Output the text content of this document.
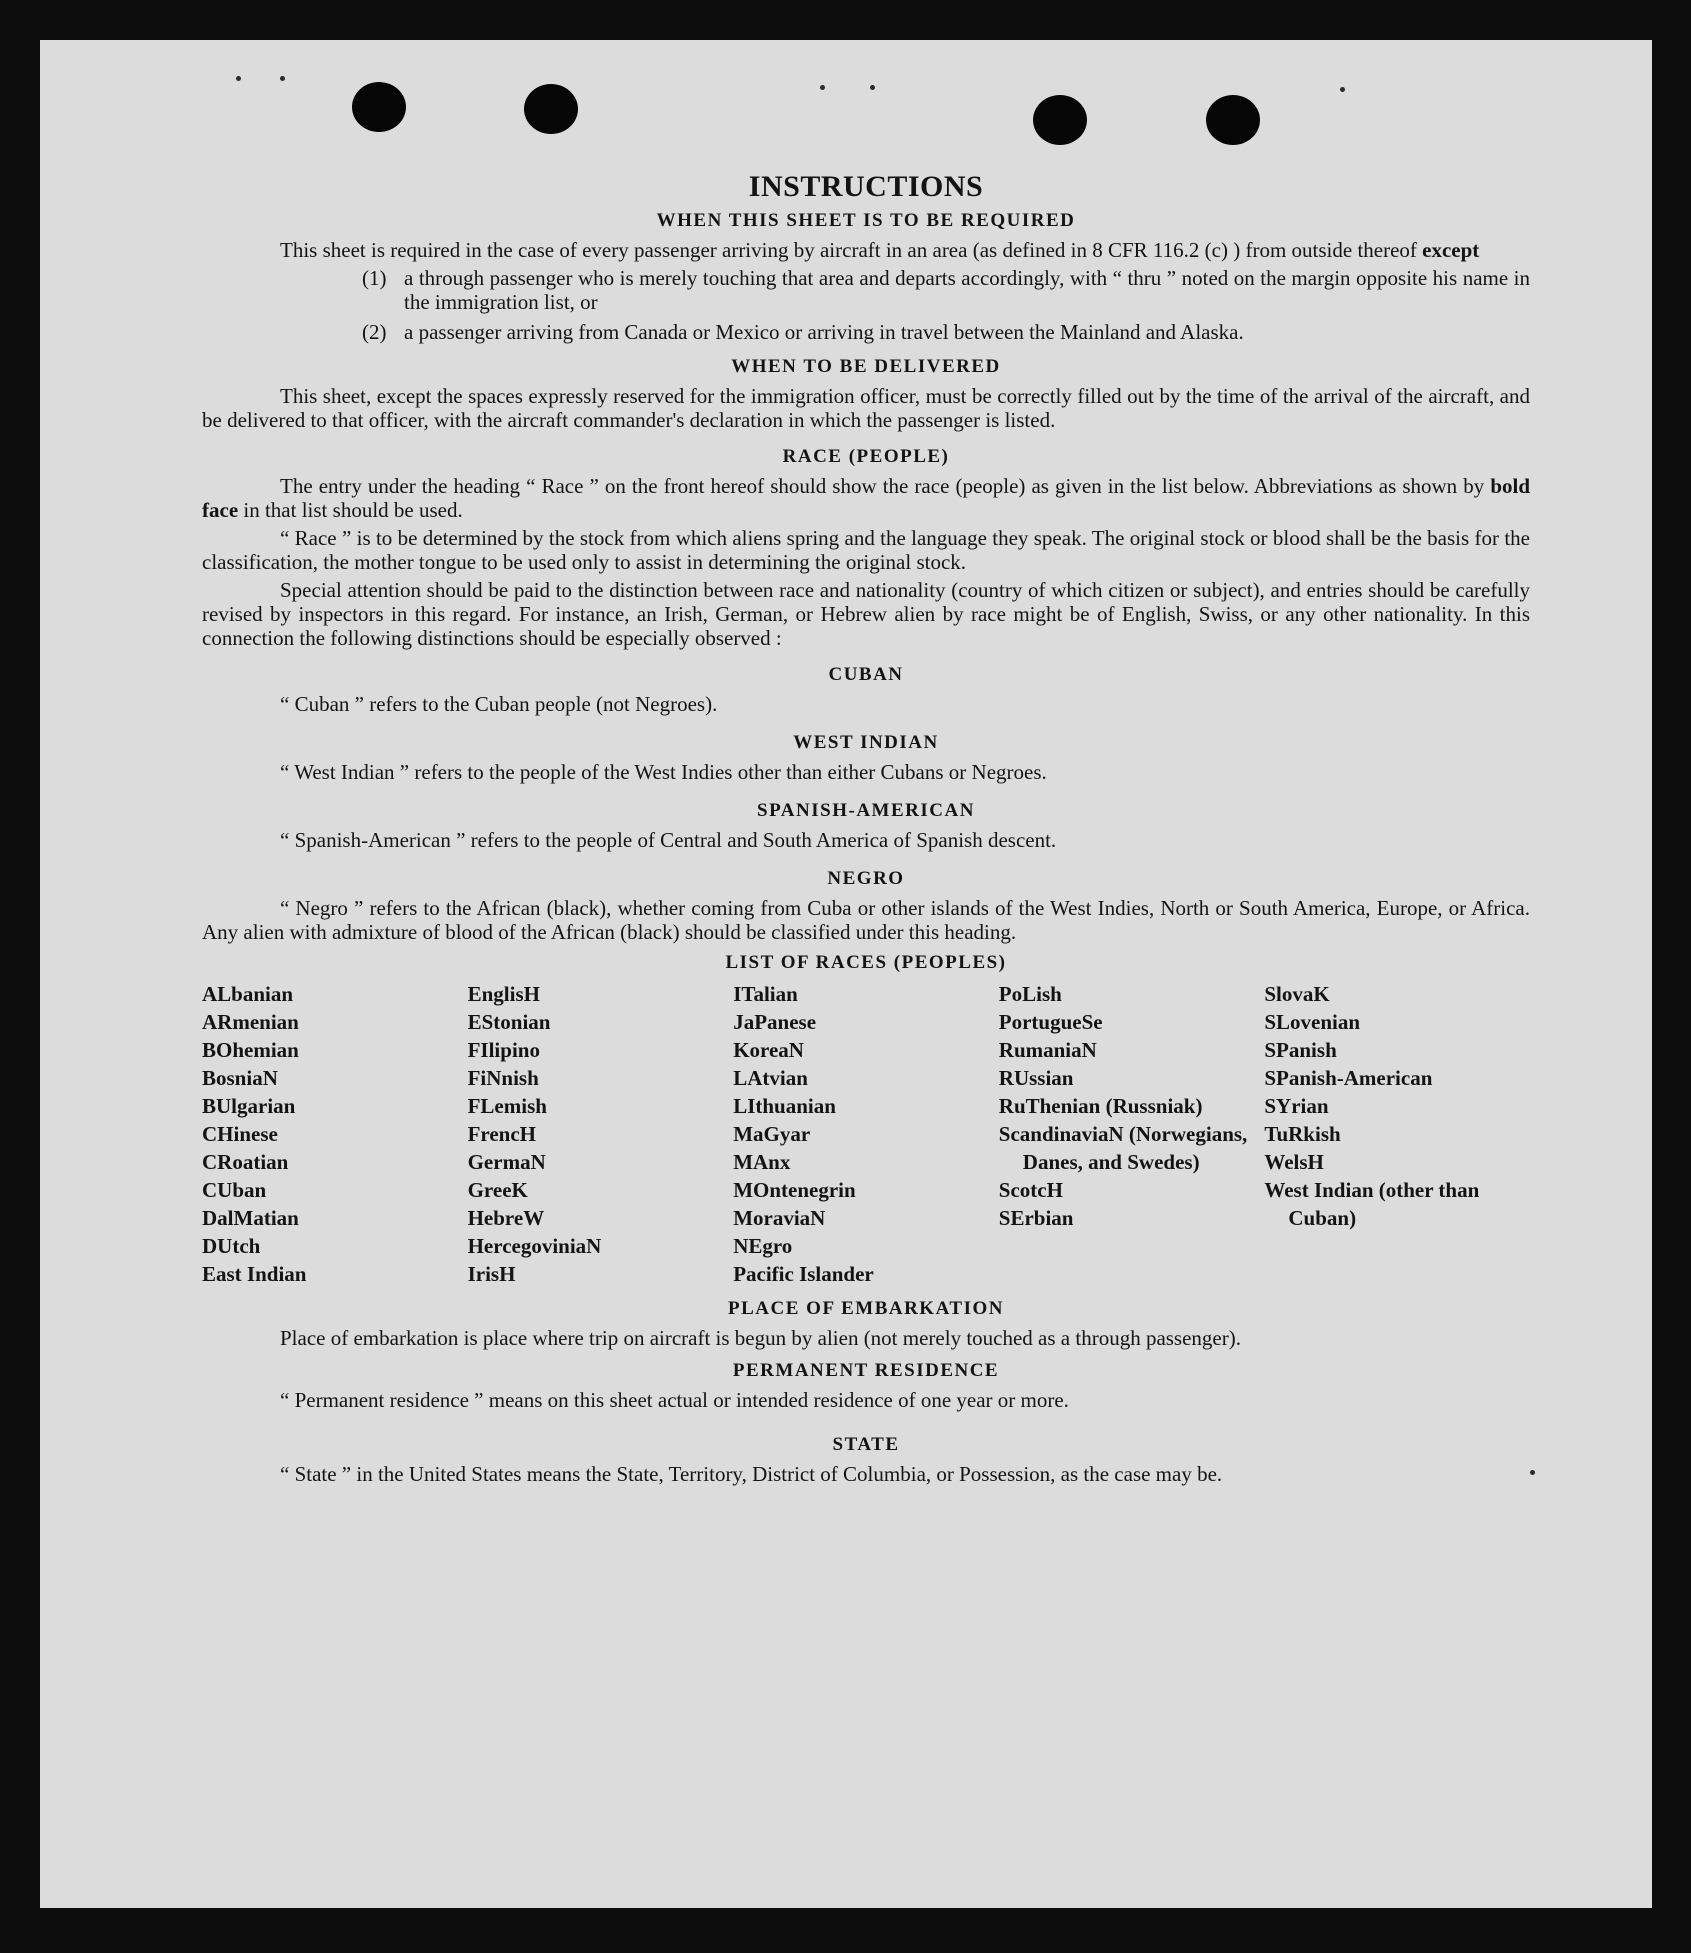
INSTRUCTIONS
WHEN THIS SHEET IS TO BE REQUIRED
This sheet is required in the case of every passenger arriving by aircraft in an area (as defined in 8 CFR 116.2 (c) ) from outside thereof except
(1) a through passenger who is merely touching that area and departs accordingly, with “ thru ” noted on the margin opposite his name in the immigration list, or
(2) a passenger arriving from Canada or Mexico or arriving in travel between the Mainland and Alaska.
WHEN TO BE DELIVERED
This sheet, except the spaces expressly reserved for the immigration officer, must be correctly filled out by the time of the arrival of the aircraft, and be delivered to that officer, with the aircraft commander's declaration in which the passenger is listed.
RACE (PEOPLE)
The entry under the heading “ Race ” on the front hereof should show the race (people) as given in the list below. Abbreviations as shown by bold face in that list should be used.
“ Race ” is to be determined by the stock from which aliens spring and the language they speak. The original stock or blood shall be the basis for the classification, the mother tongue to be used only to assist in determining the original stock.
Special attention should be paid to the distinction between race and nationality (country of which citizen or subject), and entries should be carefully revised by inspectors in this regard. For instance, an Irish, German, or Hebrew alien by race might be of English, Swiss, or any other nationality. In this connection the following distinctions should be especially observed :
CUBAN
“ Cuban ” refers to the Cuban people (not Negroes).
WEST INDIAN
“ West Indian ” refers to the people of the West Indies other than either Cubans or Negroes.
SPANISH-AMERICAN
“ Spanish-American ” refers to the people of Central and South America of Spanish descent.
NEGRO
“ Negro ” refers to the African (black), whether coming from Cuba or other islands of the West Indies, North or South America, Europe, or Africa. Any alien with admixture of blood of the African (black) should be classified under this heading.
LIST OF RACES (PEOPLES)
ALbanian
ARmenian
BOhemian
BosniaN
BUlgarian
CHinese
CRoatian
CUban
DalMatian
DUtch
East Indian
EnglisH
EStonian
FIlipino
FiNnish
FLemish
FrencH
GermaN
GreeK
HebreW
HercegoviniaN
IrisH
ITalian
JaPanese
KoreaN
LAtvian
LIthuanian
MaGyar
MAnx
MOntenegrin
MoraviaN
NEgro
Pacific Islander
PoLish
PortugueSe
RumaniaN
RUssian
RuThenian (Russniak)
ScandinaviaN (Norwegians, Danes, and Swedes)
ScotcH
SErbian
SlovaK
SLovenian
SPanish
SPanish-American
SYrian
TuRkish
WelsH
West Indian (other than Cuban)
PLACE OF EMBARKATION
Place of embarkation is place where trip on aircraft is begun by alien (not merely touched as a through passenger).
PERMANENT RESIDENCE
“ Permanent residence ” means on this sheet actual or intended residence of one year or more.
STATE
“ State ” in the United States means the State, Territory, District of Columbia, or Possession, as the case may be.
